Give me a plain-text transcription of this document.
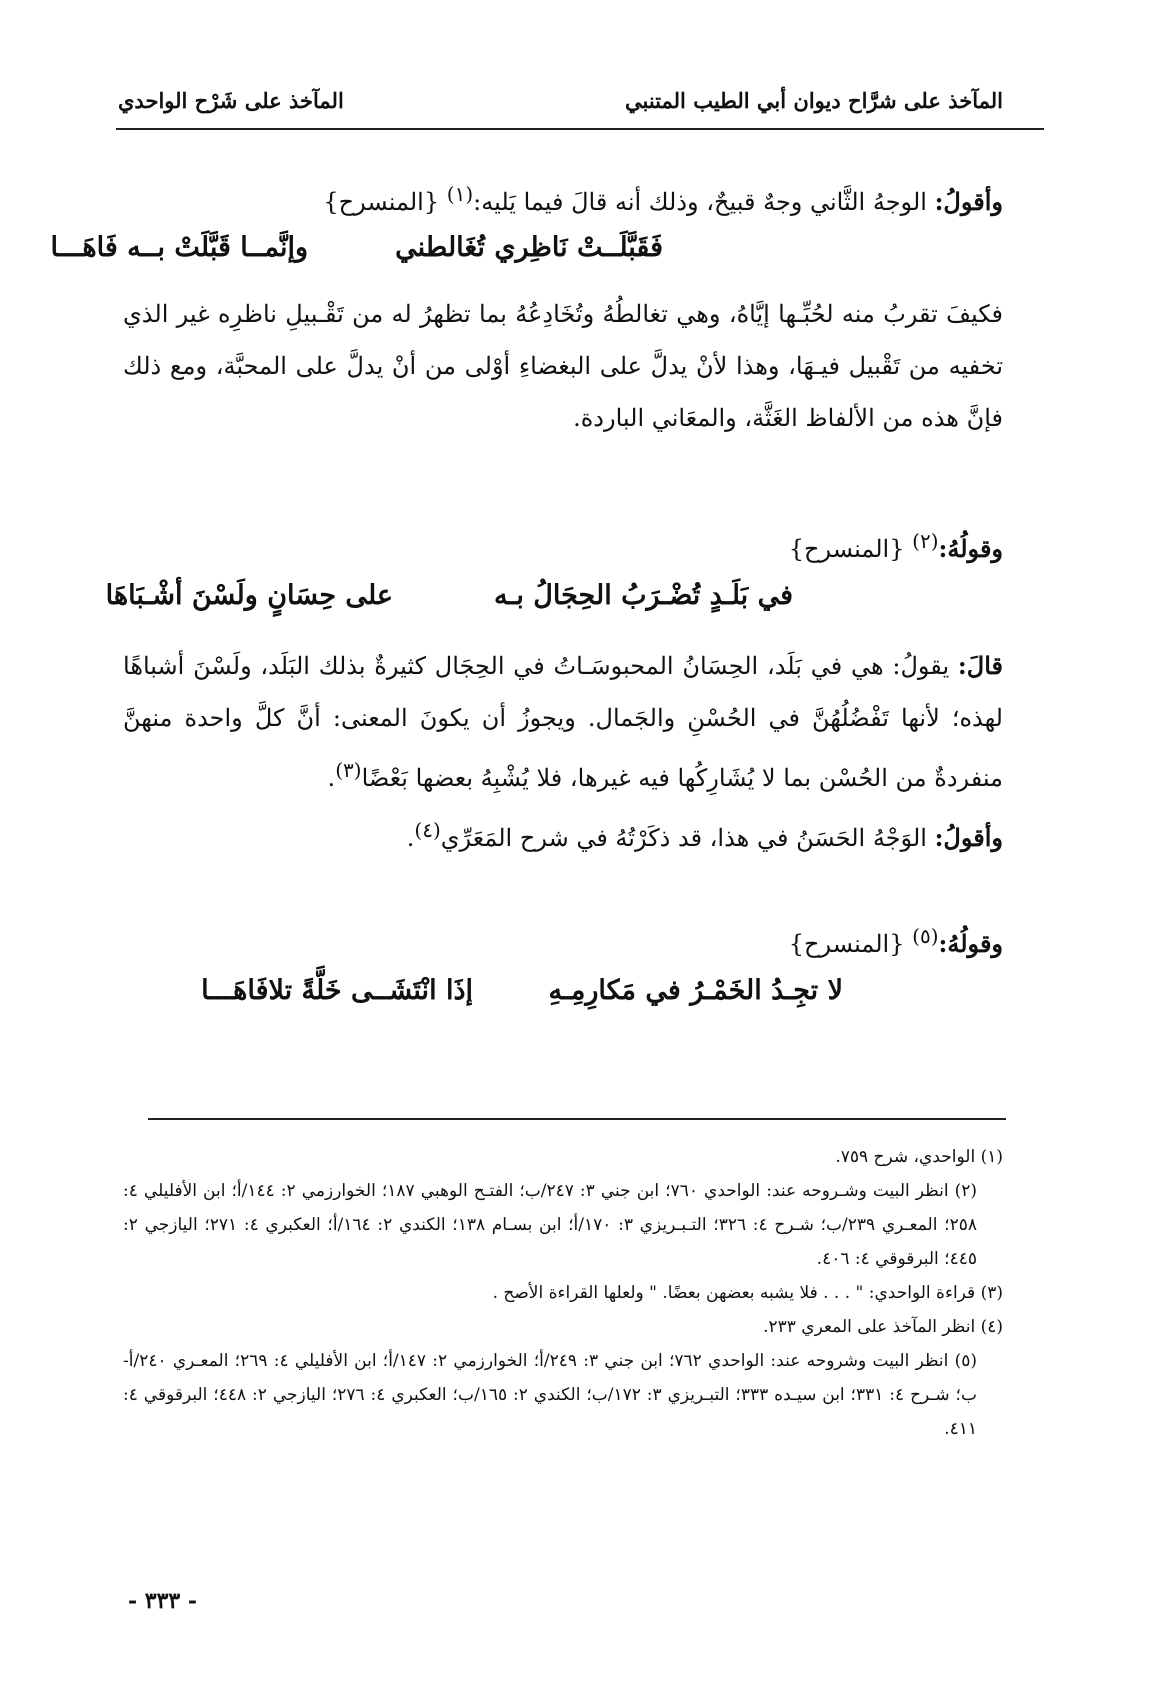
المآخذ على شرَّاح ديوان أبي الطيب المتنبي
المآخذ على شَرْح الواحدي

وأقولُ: الوجهُ الثَّاني وجهٌ قبيحٌ، وذلك أنه قالَ فيما يَليه:$^{(١)}$ {المنسرح}

فَقَبَّلَــتْ نَاظِري تُغَالطني
وإنَّمــا قَبَّلَتْ بــه فَاهَـــا

فكيفَ تقربُ منه لحُبِّـها إيَّاهُ، وهي تغالطُهُ وتُخَادِعُهُ بما تظهرُ له من تَقْـبيلِ ناظرِه غير الذي تخفيه من تَقْبيل فيـهَا، وهذا لأنْ يدلَّ على البغضاءِ أوْلى من أنْ يدلَّ على المحبَّة، ومع ذلك فإنَّ هذه من الألفاظ الغَثَّة، والمعَاني الباردة.

وقولُهُ:$^{(٢)}$ {المنسرح}

في بَلَـدٍ تُضْـرَبُ الحِجَالُ بـه
على حِسَانٍ ولَسْنَ أشْـبَاهَا

قالَ: يقولُ: هي في بَلَد، الحِسَانُ المحبوسَـاتُ في الحِجَال كثيرةٌ بذلك البَلَد، ولَسْنَ أشباهًا لهذه؛ لأنها تَفْضُلُهُنَّ في الحُسْنِ والجَمال. ويجوزُ أن يكونَ المعنى: أنَّ كلَّ واحدة منهنَّ منفردةٌ من الحُسْن بما لا يُشَارِكُها فيه غيرها، فلا يُشْبِهُ بعضها بَعْضًا$^{(٣)}$.

وأقولُ: الوَجْهُ الحَسَنُ في هذا، قد ذكَرْتُهُ في شرح المَعَرِّي$^{(٤)}$.

وقولُهُ:$^{(٥)}$ {المنسرح}

لا تجِـدُ الخَمْـرُ في مَكارِمِـهِ
إذَا انْتَشَــى خَلَّةً تلافَاهَـــا

(١) الواحدي، شرح ٧٥٩.

(٢) انظر البيت وشـروحه عند: الواحدي ٧٦٠؛ ابن جني ٣: ٢٤٧/ب؛ الفتـح الوهبي ١٨٧؛ الخوارزمي ٢: ١٤٤/أ؛ ابن الأفليلي ٤: ٢٥٨؛ المعـري ٢٣٩/ب؛ شـرح ٤: ٣٢٦؛ التـبـريزي ٣: ١٧٠/أ؛ ابن بسـام ١٣٨؛ الكندي ٢: ١٦٤/أ؛ العكبري ٤: ٢٧١؛ اليازجي ٢: ٤٤٥؛ البرقوقي ٤: ٤٠٦.

(٣) قراءة الواحدي: " . . . فلا يشبه بعضهن بعضًا. " ولعلها القراءة الأصح .

(٤) انظر المآخذ على المعري ٢٣٣.

(٥) انظر البيت وشروحه عند: الواحدي ٧٦٢؛ ابن جني ٣: ٢٤٩/أ؛ الخوارزمي ٢: ١٤٧/أ؛ ابن الأفليلي ٤: ٢٦٩؛ المعـري ٢٤٠/أ- ب؛ شـرح ٤: ٣٣١؛ ابن سيـده ٣٣٣؛ التبـريزي ٣: ١٧٢/ب؛ الكندي ٢: ١٦٥/ب؛ العكبري ٤: ٢٧٦؛ اليازجي ٢: ٤٤٨؛ البرقوقي ٤: ٤١١.

- ٣٣٣ -
